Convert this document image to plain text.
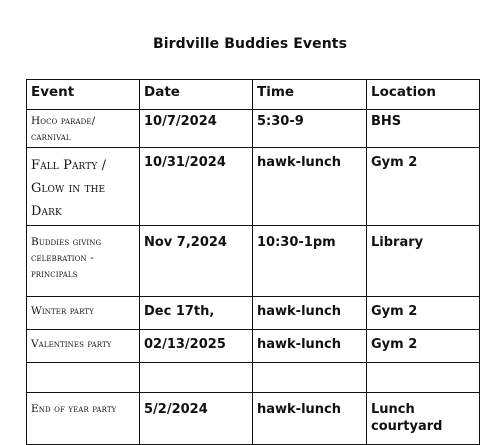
Birdville Buddies Events
Event	Date	Time	Location
Hoco parade/ carnival	10/7/2024	5:30-9	BHS
Fall Party / Glow in the Dark	10/31/2024	hawk-lunch	Gym 2
Buddies giving celebration - principals	Nov 7,2024	10:30-1pm	Library
Winter party	Dec 17th,	hawk-lunch	Gym 2
Valentines party	02/13/2025	hawk-lunch	Gym 2

End of year party	5/2/2024	hawk-lunch	Lunch courtyard
